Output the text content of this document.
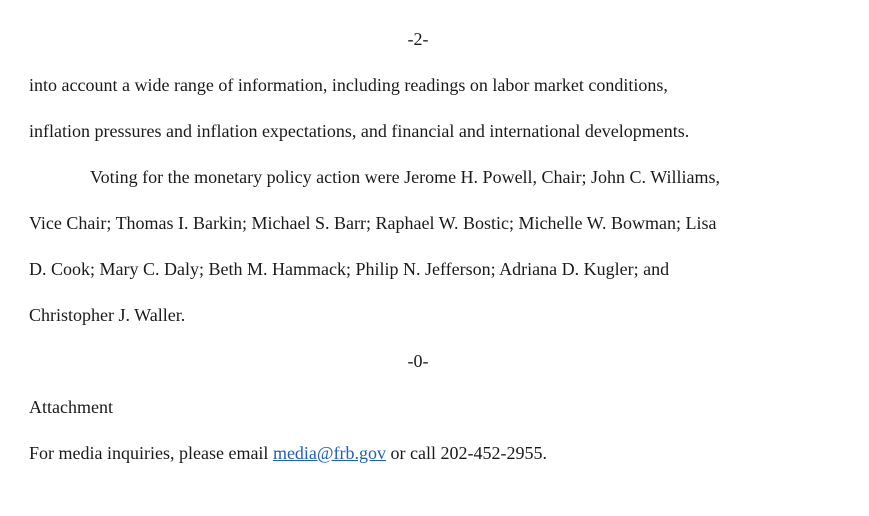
-2-
into account a wide range of information, including readings on labor market conditions,
inflation pressures and inflation expectations, and financial and international developments.
Voting for the monetary policy action were Jerome H. Powell, Chair; John C. Williams,
Vice Chair; Thomas I. Barkin; Michael S. Barr; Raphael W. Bostic; Michelle W. Bowman; Lisa
D. Cook; Mary C. Daly; Beth M. Hammack; Philip N. Jefferson; Adriana D. Kugler; and
Christopher J. Waller.
-0-
Attachment
For media inquiries, please email media@frb.gov or call 202-452-2955.
